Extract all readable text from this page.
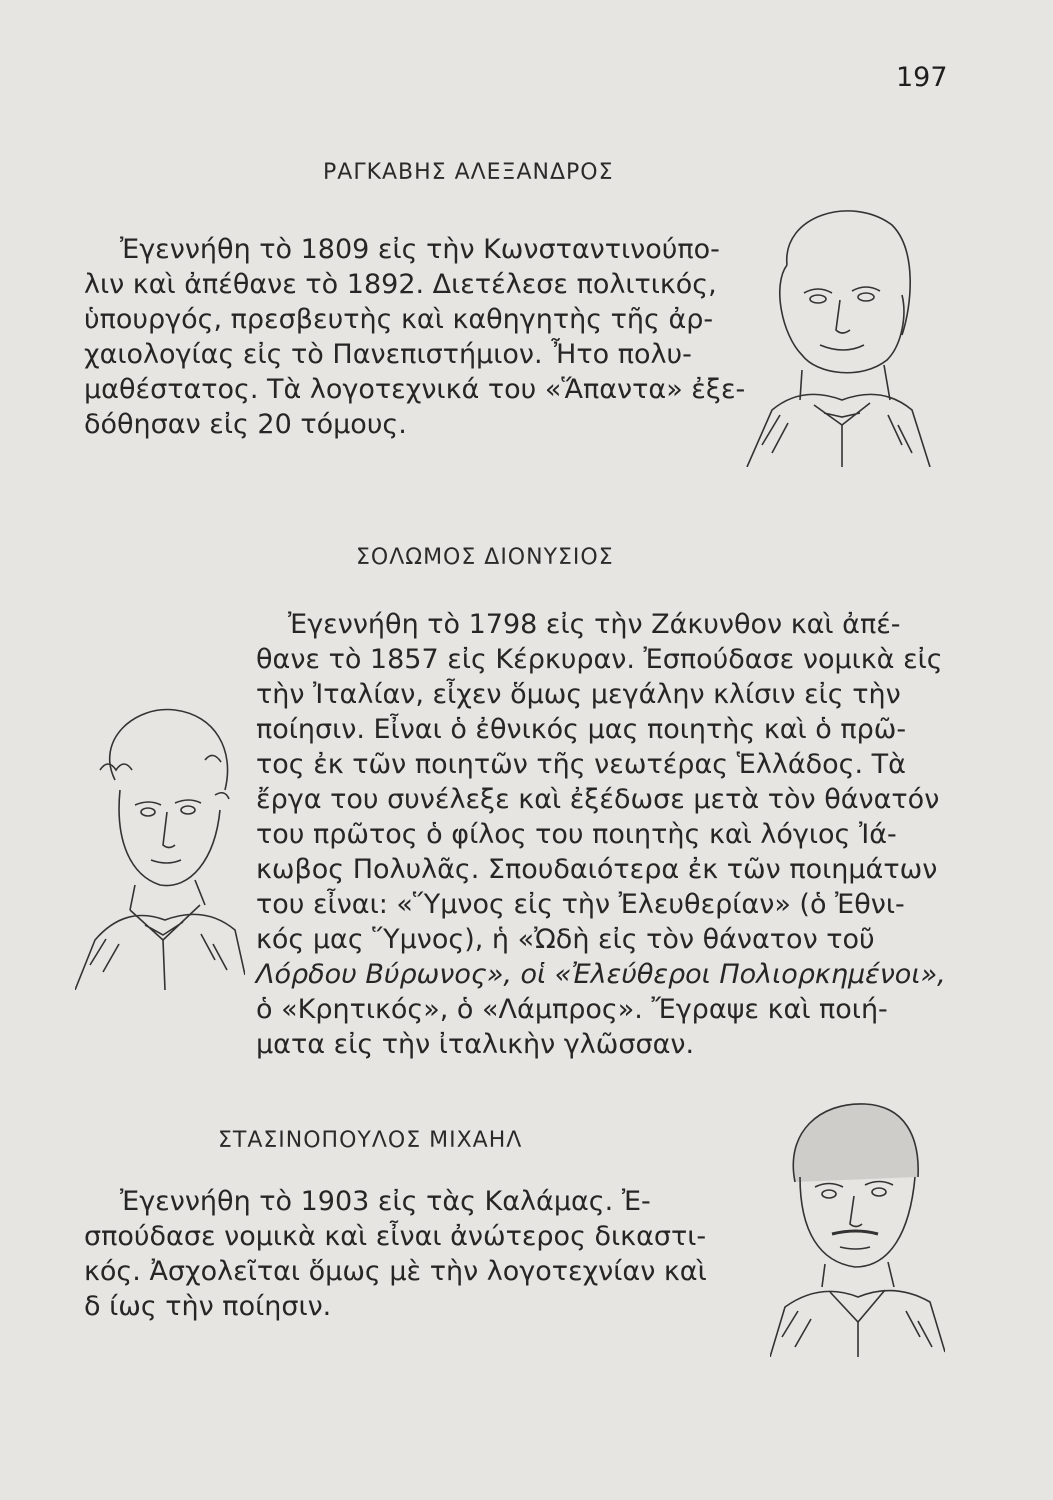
197
ΡΑΓΚΑΒΗΣ ΑΛΕΞΑΝΔΡΟΣ
Ἐγεννήθη τὸ 1809 εἰς τὴν Κωνσταντινούπο-
λιν καὶ ἀπέθανε τὸ 1892. Διετέλεσε πολιτικός,
ὑπουργός, πρεσβευτὴς καὶ καθηγητὴς τῆς ἀρ-
χαιολογίας εἰς τὸ Πανεπιστήμιον. Ἦτο πολυ-
μαθέστατος. Τὰ λογοτεχνικά του «Ἅπαντα» ἐξε-
δόθησαν εἰς 20 τόμους.
ΣΟΛΩΜΟΣ ΔΙΟΝΥΣΙΟΣ
Ἐγεννήθη τὸ 1798 εἰς τὴν Ζάκυνθον καὶ ἀπέ-
θανε τὸ 1857 εἰς Κέρκυραν. Ἐσπούδασε νομικὰ εἰς
τὴν Ἰταλίαν, εἶχεν ὅμως μεγάλην κλίσιν εἰς τὴν
ποίησιν. Εἶναι ὁ ἐθνικός μας ποιητὴς καὶ ὁ πρῶ-
τος ἐκ τῶν ποιητῶν τῆς νεωτέρας Ἑλλάδος. Τὰ
ἔργα του συνέλεξε καὶ ἐξέδωσε μετὰ τὸν θάνατόν
του πρῶτος ὁ φίλος του ποιητὴς καὶ λόγιος Ἰά-
κωβος Πολυλᾶς. Σπουδαιότερα ἐκ τῶν ποιημάτων
του εἶναι: «Ὕμνος εἰς τὴν Ἐλευθερίαν» (ὁ Ἐθνι-
κός μας Ὕμνος), ἡ «Ὠδὴ εἰς τὸν θάνατον τοῦ
Λόρδου Βύρωνος», οἱ «Ἐλεύθεροι Πολιορκημένοι»,
ὁ «Κρητικός», ὁ «Λάμπρος». Ἔγραψε καὶ ποιή-
ματα εἰς τὴν ἰταλικὴν γλῶσσαν.
ΣΤΑΣΙΝΟΠΟΥΛΟΣ ΜΙΧΑΗΛ
Ἐγεννήθη τὸ 1903 εἰς τὰς Καλάμας. Ἐ-
σπούδασε νομικὰ καὶ εἶναι ἀνώτερος δικαστι-
κός. Ἀσχολεῖται ὅμως μὲ τὴν λογοτεχνίαν καὶ
δ ίως τὴν ποίησιν.
